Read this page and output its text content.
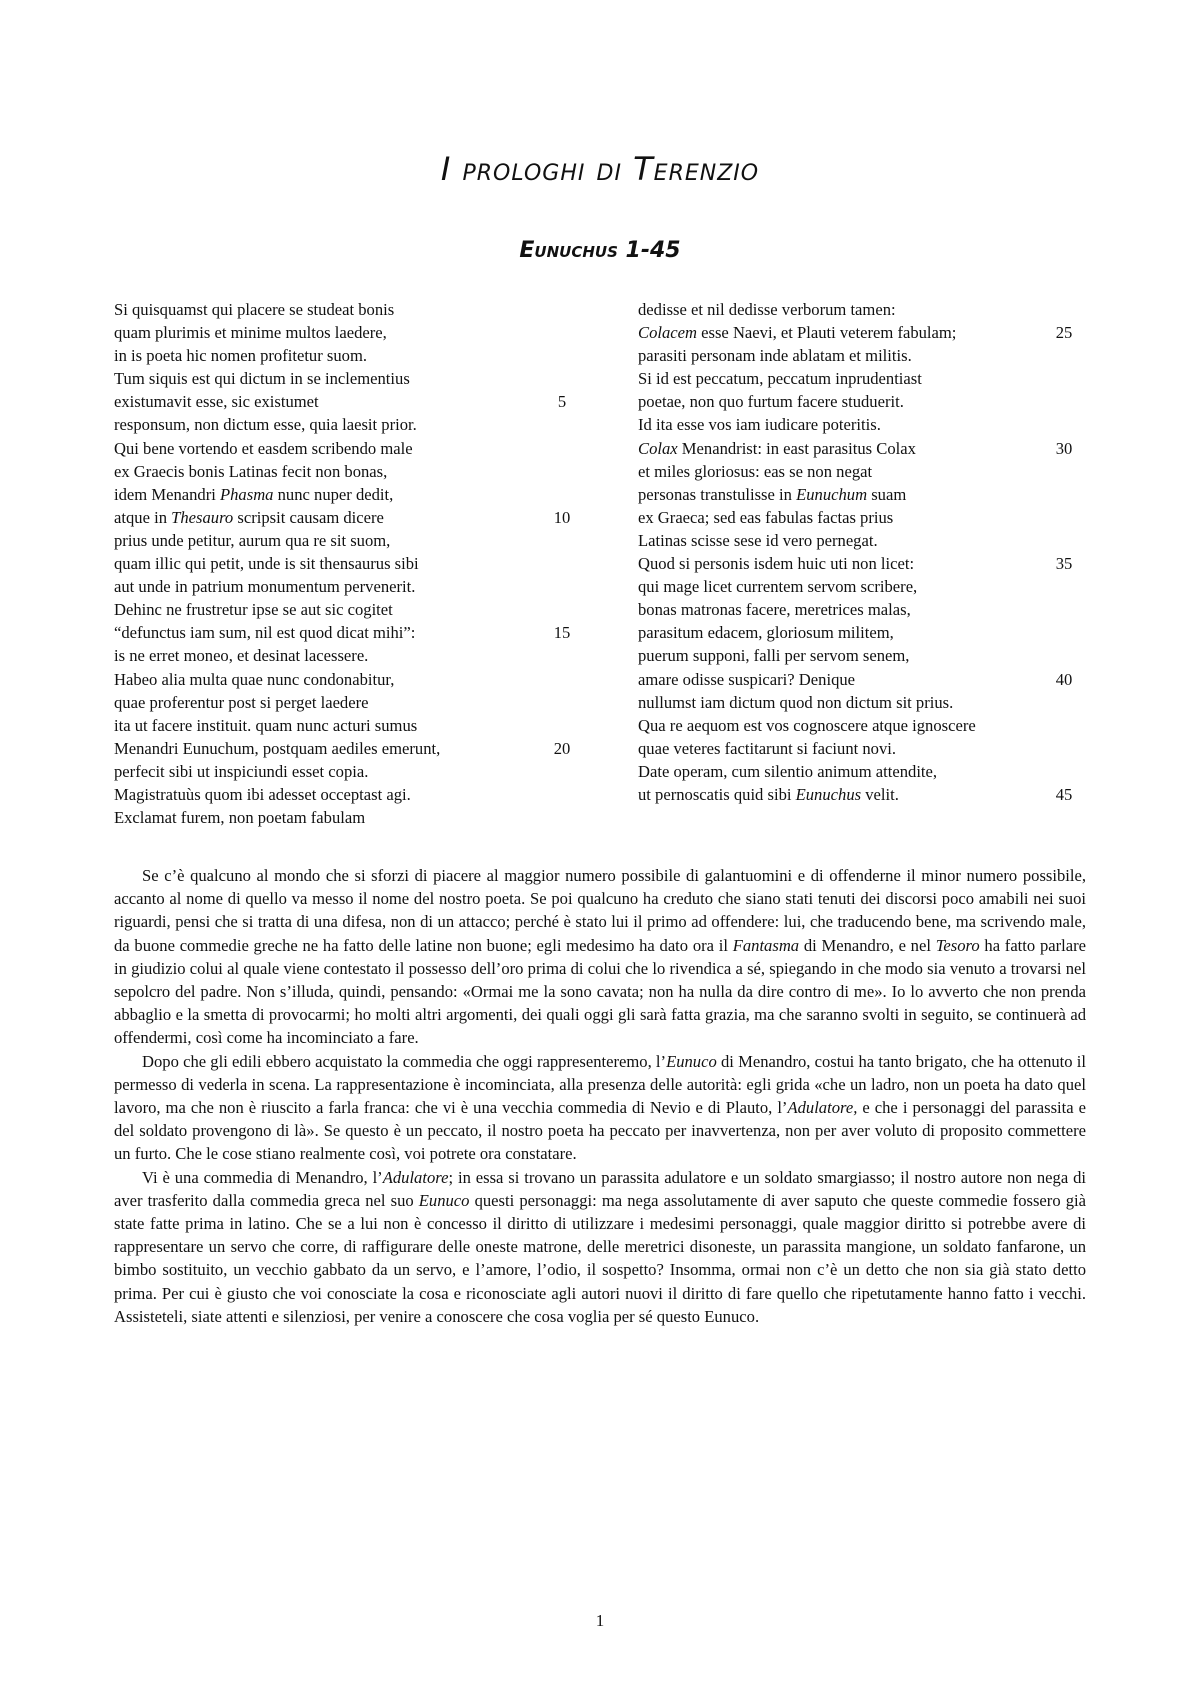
I prologhi di Terenzio
Eunuchus 1-45
Si quisquamst qui placere se studeat bonis
quam plurimis et minime multos laedere,
in is poeta hic nomen profitetur suom.
Tum siquis est qui dictum in se inclementius
existumavit esse, sic existumet	5
responsum, non dictum esse, quia laesit prior.
Qui bene vortendo et easdem scribendo male
ex Graecis bonis Latinas fecit non bonas,
idem Menandri Phasma nunc nuper dedit,
atque in Thesauro scripsit causam dicere	10
prius unde petitur, aurum qua re sit suom,
quam illic qui petit, unde is sit thensaurus sibi
aut unde in patrium monumentum pervenerit.
Dehinc ne frustretur ipse se aut sic cogitet
“defunctus iam sum, nil est quod dicat mihi”:	15
is ne erret moneo, et desinat lacessere.
Habeo alia multa quae nunc condonabitur,
quae proferentur post si perget laedere
ita ut facere instituit. quam nunc acturi sumus
Menandri Eunuchum, postquam aediles emerunt,	20
perfecit sibi ut inspiciundi esset copia.
Magistratuùs quom ibi adesset occeptast agi.
Exclamat furem, non poetam fabulam
dedisse et nil dedisse verborum tamen:
Colacem esse Naevi, et Plauti veterem fabulam;	25
parasiti personam inde ablatam et militis.
Si id est peccatum, peccatum inprudentiast
poetae, non quo furtum facere studuerit.
Id ita esse vos iam iudicare poteritis.
Colax Menandrist: in east parasitus Colax	30
et miles gloriosus: eas se non negat
personas transtulisse in Eunuchum suam
ex Graeca; sed eas fabulas factas prius
Latinas scisse sese id vero pernegat.
Quod si personis isdem huic uti non licet:	35
qui mage licet currentem servom scribere,
bonas matronas facere, meretrices malas,
parasitum edacem, gloriosum militem,
puerum supponi, falli per servom senem,
amare odisse suspicari? Denique	40
nullumst iam dictum quod non dictum sit prius.
Qua re aequom est vos cognoscere atque ignoscere
quae veteres factitarunt si faciunt novi.
Date operam, cum silentio animum attendite,
ut pernoscatis quid sibi Eunuchus velit.	45

Se c’è qualcuno al mondo che si sforzi di piacere al maggior numero possibile di galantuomini e di offenderne il minor numero possibile, accanto al nome di quello va messo il nome del nostro poeta. Se poi qualcuno ha creduto che siano stati tenuti dei discorsi poco amabili nei suoi riguardi, pensi che si tratta di una difesa, non di un attacco; perché è stato lui il primo ad offendere: lui, che traducendo bene, ma scrivendo male, da buone commedie greche ne ha fatto delle latine non buone; egli medesimo ha dato ora il Fantasma di Menandro, e nel Tesoro ha fatto parlare in giudizio colui al quale viene contestato il possesso dell’oro prima di colui che lo rivendica a sé, spiegando in che modo sia venuto a trovarsi nel sepolcro del padre. Non s’illuda, quindi, pensando: «Ormai me la sono cavata; non ha nulla da dire contro di me». Io lo avverto che non prenda abbaglio e la smetta di provocarmi; ho molti altri argomenti, dei quali oggi gli sarà fatta grazia, ma che saranno svolti in seguito, se continuerà ad offendermi, così come ha incominciato a fare.

Dopo che gli edili ebbero acquistato la commedia che oggi rappresenteremo, l’Eunuco di Menandro, costui ha tanto brigato, che ha ottenuto il permesso di vederla in scena. La rappresentazione è incominciata, alla presenza delle autorità: egli grida «che un ladro, non un poeta ha dato quel lavoro, ma che non è riuscito a farla franca: che vi è una vecchia commedia di Nevio e di Plauto, l’Adulatore, e che i personaggi del parassita e del soldato provengono di là». Se questo è un peccato, il nostro poeta ha peccato per inavvertenza, non per aver voluto di proposito commettere un furto. Che le cose stiano realmente così, voi potrete ora constatare.

Vi è una commedia di Menandro, l’Adulatore; in essa si trovano un parassita adulatore e un soldato smargiasso; il nostro autore non nega di aver trasferito dalla commedia greca nel suo Eunuco questi personaggi: ma nega assolutamente di aver saputo che queste commedie fossero già state fatte prima in latino. Che se a lui non è concesso il diritto di utilizzare i medesimi personaggi, quale maggior diritto si potrebbe avere di rappresentare un servo che corre, di raffigurare delle oneste matrone, delle meretrici disoneste, un parassita mangione, un soldato fanfarone, un bimbo sostituito, un vecchio gabbato da un servo, e l’amore, l’odio, il sospetto? Insomma, ormai non c’è un detto che non sia già stato detto prima. Per cui è giusto che voi conosciate la cosa e riconosciate agli autori nuovi il diritto di fare quello che ripetutamente hanno fatto i vecchi. Assisteteli, siate attenti e silenziosi, per venire a conoscere che cosa voglia per sé questo Eunuco.

1
